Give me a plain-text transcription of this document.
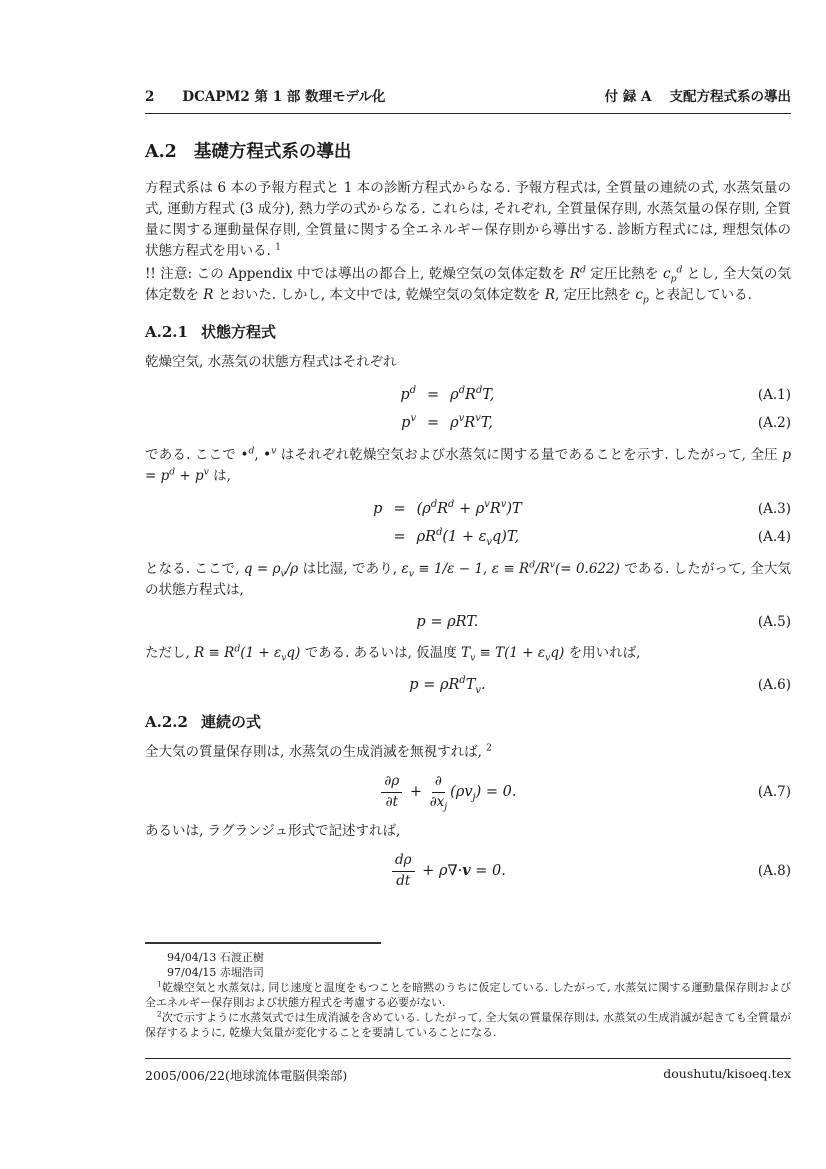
2 DCAPM2 第 1 部 数理モデル化	付 録 A 支配方程式系の導出
A.2 基礎方程式系の導出

方程式系は 6 本の予報方程式と 1 本の診断方程式からなる. 予報方程式は, 全質量の連続の式, 水蒸気量の式, 運動方程式 (3 成分), 熱力学の式からなる. これらは, それぞれ, 全質量保存則, 水蒸気量の保存則, 全質量に関する運動量保存則, 全質量に関する全エネルギー保存則から導出する. 診断方程式には, 理想気体の状態方程式を用いる. $^1$

!! 注意: この Appendix 中では導出の都合上, 乾燥空気の気体定数を $R^d$ 定圧比熱を $c_p^d$ とし, 全大気の気体定数を R とおいた. しかし, 本文中では, 乾燥空気の気体定数を R, 定圧比熱を $c_p$ と表記している.

A.2.1 状態方程式

乾燥空気, 水蒸気の状態方程式はそれぞれ

$p^d = \rho^dR^dT$,	(A.1)
$p^v = \rho^vR^vT$,	(A.2)

である. ここで •$^d$, •$^v$ はそれぞれ乾燥空気および水蒸気に関する量であることを示す. したがって, 全圧 $p = p^d + p^v$ は,

$p = (\rho^dR^d + \rho^vR^v)T$	(A.3)
= $\rho R^d(1 + \varepsilon_vq)T$,	(A.4)

となる. ここで, $q = \rho_v/\rho$ は比湿, であり, $\varepsilon_v \equiv 1/\varepsilon - 1$, $\varepsilon \equiv R^d/R^v(= 0.622)$ である. したがって, 全大気の状態方程式は,

p = ρRT.	(A.5)

ただし, $R \equiv R^d(1 + \varepsilon_vq)$ である. あるいは, 仮温度 $T_v \equiv T(1 + \varepsilon_vq)$ を用いれば,

$p = \rho R^dT_v$.	(A.6)
A.2.2 連続の式

全大気の質量保存則は, 水蒸気の生成消滅を無視すれば, $^2$

$\frac{\partial\rho}{\partial t} + \frac{\partial}{\partial x_j} (\rho v_j) = 0$.	(A.7)

あるいは, ラグランジュ形式で記述すれば,

$\frac{d\rho}{dt} + \rho\nabla\cdot v = 0$.	(A.8)
94/04/13 石渡正樹
97/04/15 赤堀浩司

$^1$乾燥空気と水蒸気は, 同じ速度と温度をもつことを暗黙のうちに仮定している. したがって, 水蒸気に関する運動量保存則および全エネルギー保存則および状態方程式を考慮する必要がない.

$^2$次で示すように水蒸気式では生成消滅を含めている. したがって, 全大気の質量保存則は, 水蒸気の生成消滅が起きても全質量が保存するように, 乾燥大気量が変化することを要請していることになる.

2005/006/22(地球流体電脳倶楽部)	doushutu/kisoeq.tex
